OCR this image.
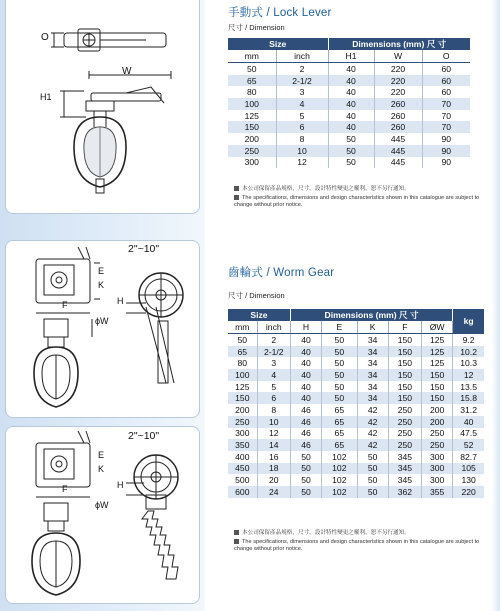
O
W
H1
2"~10"
E
K
F	H
ϕW
2"~10"
E
K
F	H
ϕW
手動式 / Lock Lever
尺寸 / Dimension
Size		Dimensions (mm) 尺 寸		
mm	inch	H1	W	O
50	2	40	220	60
65	2-1/2	40	220	60
80	3	40	220	60
100	4	40	260	70
125	5	40	260	70
150	6	40	260	70
200	8	50	445	90
250	10	50	445	90
300	12	50	445	90
本公司保留產品規格，尺寸，設計特性變更之權利，恕不另行通知。
The specifications, dimensions and design characteristics shown in this catalogue are subject to change without prior notice.
齒輪式 / Worm Gear
尺寸 / Dimension
Size		Dimensions (mm) 尺 寸					kg
mm	inch	H	E	K	F	ØW	
50	2	40	50	34	150	125	9.2
65	2-1/2	40	50	34	150	125	10.2
80	3	40	50	34	150	125	10.3
100	4	40	50	34	150	150	12
125	5	40	50	34	150	150	13.5
150	6	40	50	34	150	150	15.8
200	8	46	65	42	250	200	31.2
250	10	46	65	42	250	200	40
300	12	46	65	42	250	250	47.5
350	14	46	65	42	250	250	52
400	16	50	102	50	345	300	82.7
450	18	50	102	50	345	300	105
500	20	50	102	50	345	300	130
600	24	50	102	50	362	355	220
本公司保留產品規格，尺寸，設計特性變更之權利，恕不另行通知。
The specifications, dimensions and design characteristics shown in this catalogue are subject to change without prior notice.
